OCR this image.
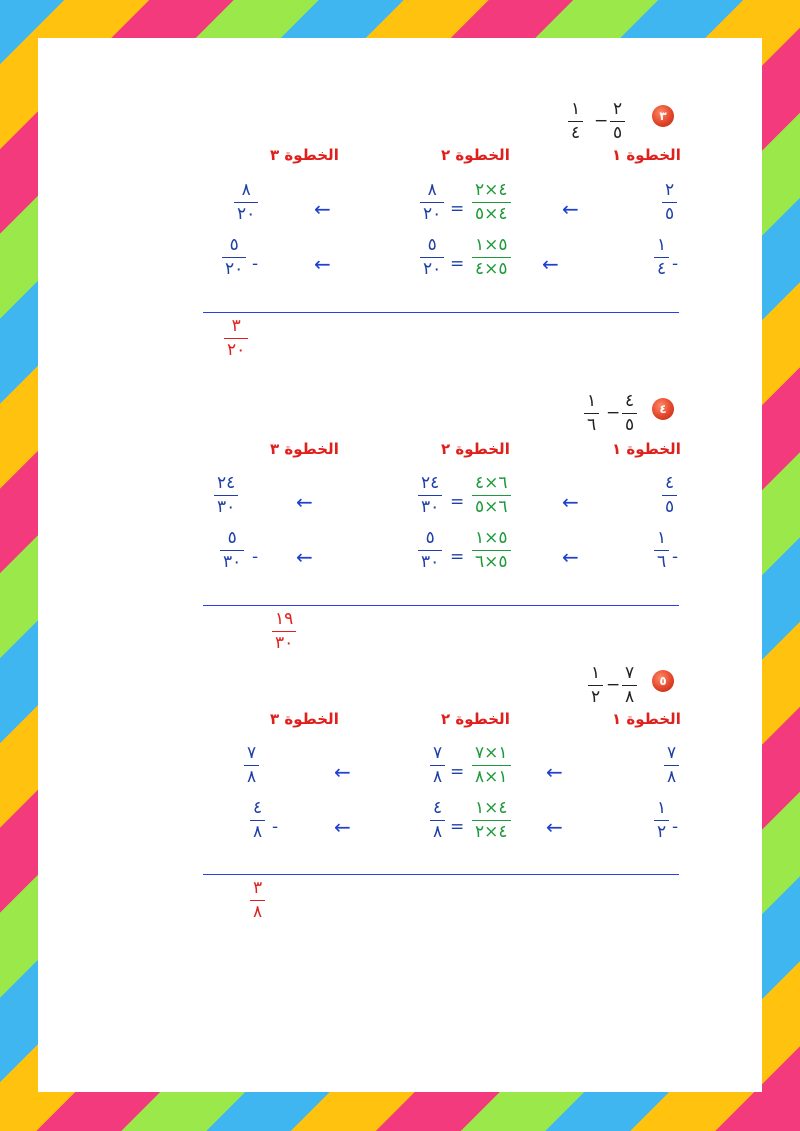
٣
٢
٥
−
١
٤
الخطوة ١
الخطوة ٢
الخطوة ٣
٢
٥
←
٤×٢
٤×٥
=
٨
٢٠
←
٨
٢٠
١
٤ -
←
٥×١
٥×٤
=
٥
٢٠
←
٥
٢٠ -
٣
٢٠
٤
٤
٥
−
١
٦
الخطوة ١
الخطوة ٢
الخطوة ٣
٤
٥
←
٦×٤
٦×٥
=
٢٤
٣٠
←
٢٤
٣٠
١
٦ -
←
٥×١
٥×٦
=
٥
٣٠
←
٥
٣٠ -
١٩
٣٠
٥
٧
٨
−
١
٢
الخطوة ١
الخطوة ٢
الخطوة ٣
٧
٨
←
١×٧
١×٨
=
٧
٨
←
٧
٨
١
٢ -
←
٤×١
٤×٢
=
٤
٨
←
٤
٨ -
٣
٨
